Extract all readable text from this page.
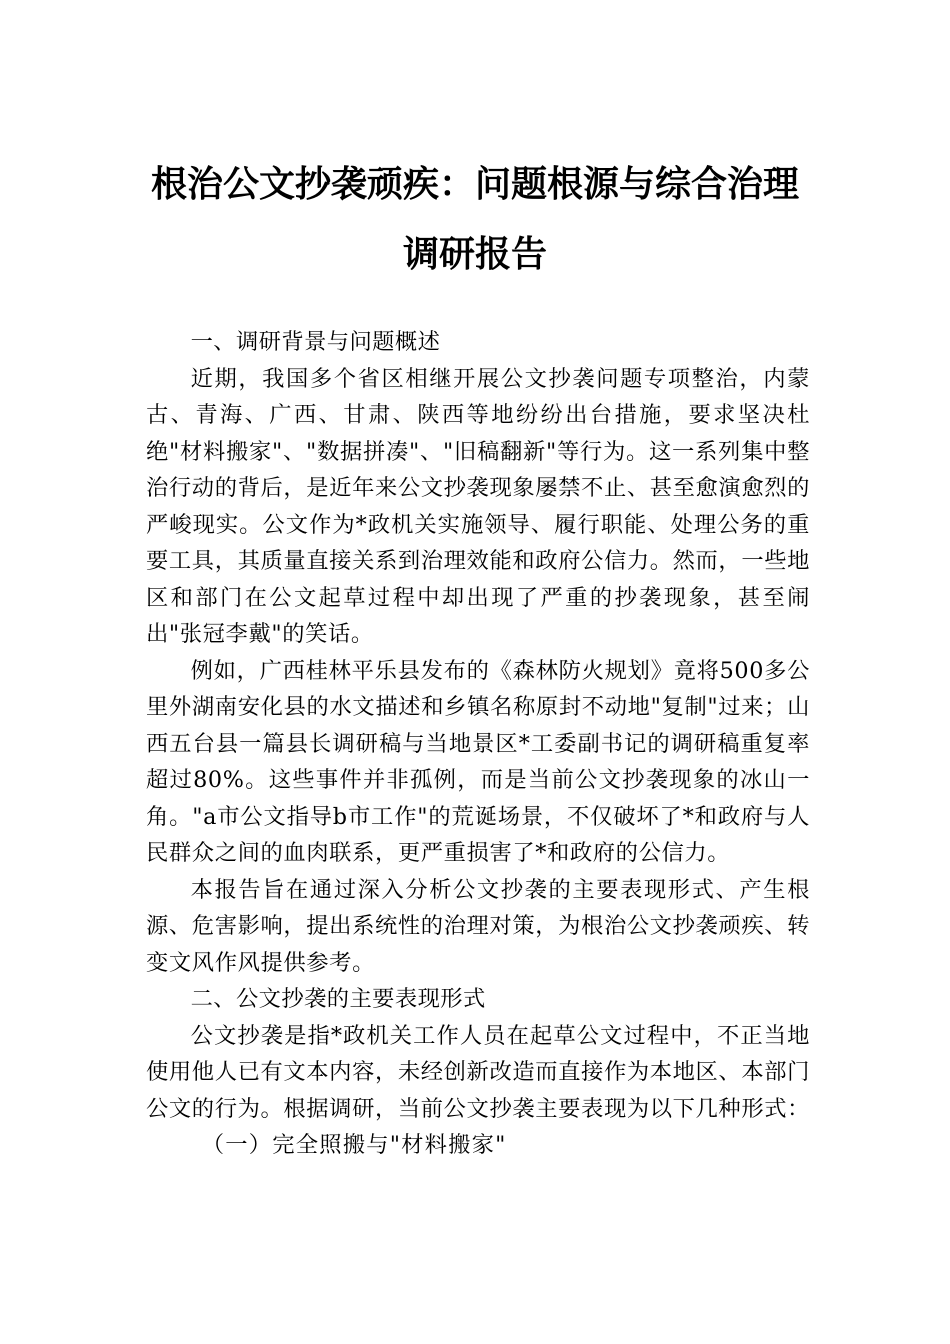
根治公文抄袭顽疾：问题根源与综合治理
调研报告
一、调研背景与问题概述

近期，我国多个省区相继开展公文抄袭问题专项整治，内蒙古、青海、广西、甘肃、陕西等地纷纷出台措施，要求坚决杜绝"材料搬家"、"数据拼凑"、"旧稿翻新"等行为。这一系列集中整治行动的背后，是近年来公文抄袭现象屡禁不止、甚至愈演愈烈的严峻现实。公文作为*政机关实施领导、履行职能、处理公务的重要工具，其质量直接关系到治理效能和政府公信力。然而，一些地区和部门在公文起草过程中却出现了严重的抄袭现象，甚至闹出"张冠李戴"的笑话。

例如，广西桂林平乐县发布的《森林防火规划》竟将500多公里外湖南安化县的水文描述和乡镇名称原封不动地"复制"过来；山西五台县一篇县长调研稿与当地景区*工委副书记的调研稿重复率超过80%。这些事件并非孤例，而是当前公文抄袭现象的冰山一角。"a市公文指导b市工作"的荒诞场景，不仅破坏了*和政府与人民群众之间的血肉联系，更严重损害了*和政府的公信力。

本报告旨在通过深入分析公文抄袭的主要表现形式、产生根源、危害影响，提出系统性的治理对策，为根治公文抄袭顽疾、转变文风作风提供参考。

二、公文抄袭的主要表现形式

公文抄袭是指*政机关工作人员在起草公文过程中，不正当地使用他人已有文本内容，未经创新改造而直接作为本地区、本部门公文的行为。根据调研，当前公文抄袭主要表现为以下几种形式：

（一）完全照搬与"材料搬家"
